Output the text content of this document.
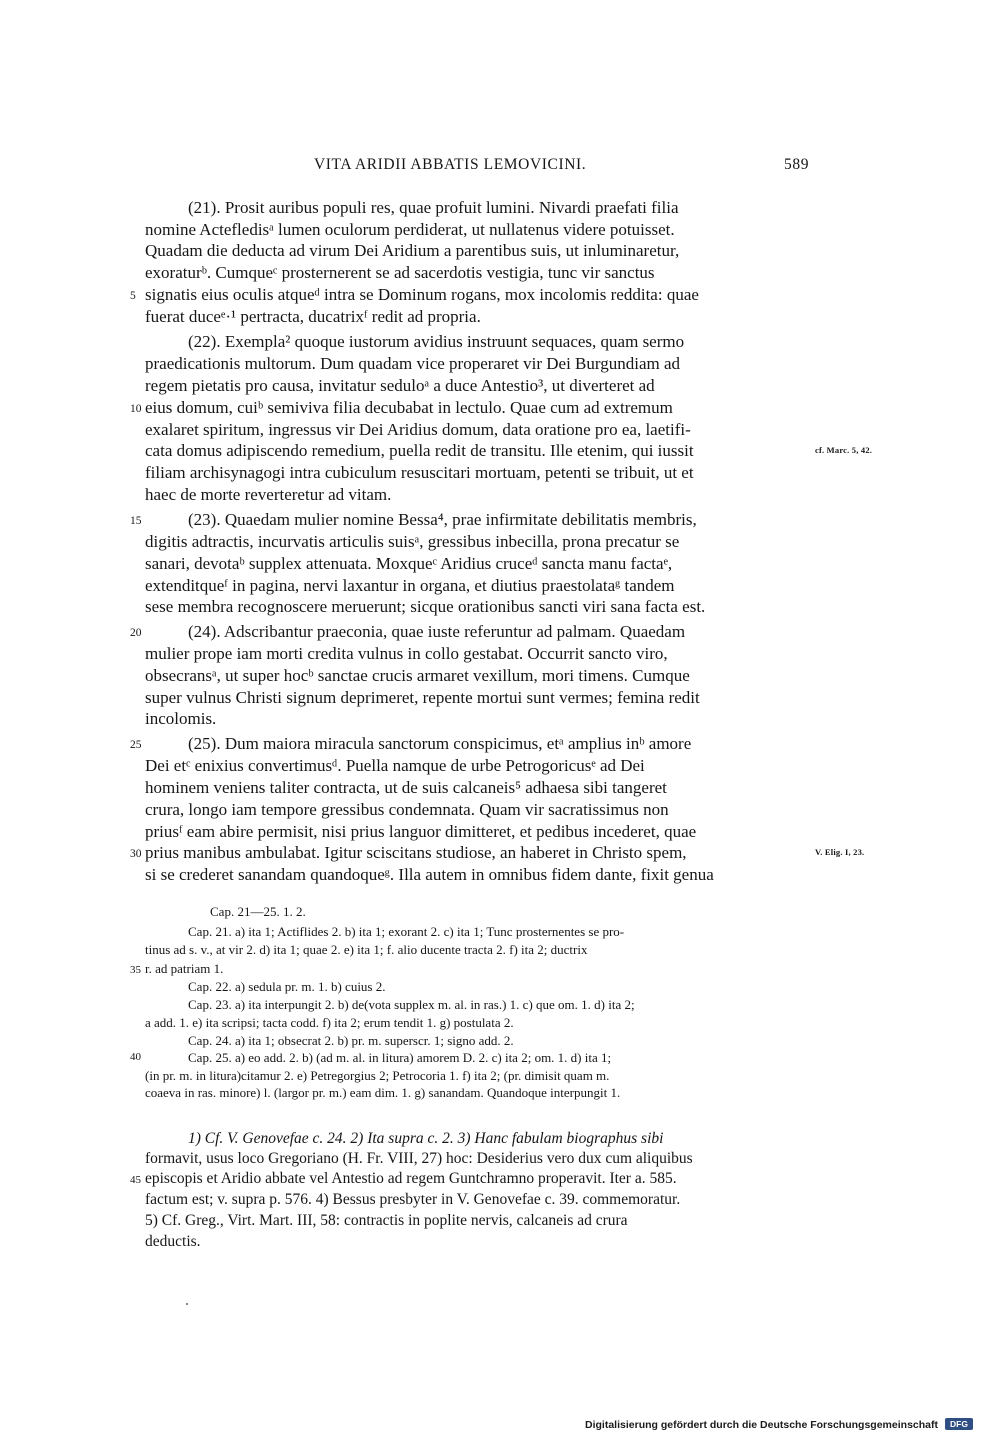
VITA ARIDII ABBATIS LEMOVICINI.	589
(21). Prosit auribus populi res, quae profuit lumini. Nivardi praefati filia
nomine Actefledisᵃ lumen oculorum perdiderat, ut nullatenus videre potuisset.
Quadam die deducta ad virum Dei Aridium a parentibus suis, ut inluminaretur,
exoraturᵇ. Cumqueᶜ prosternerent se ad sacerdotis vestigia, tunc vir sanctus
signatis eius oculis atqueᵈ intra se Dominum rogans, mox incolomis reddita: quae
fuerat duceᵉ·¹ pertracta, ducatrixᶠ redit ad propria.
(22). Exempla² quoque iustorum avidius instruunt sequaces, quam sermo
praedicationis multorum. Dum quadam vice properaret vir Dei Burgundiam ad
regem pietatis pro causa, invitatur seduloᵃ a duce Antestio³, ut diverteret ad
eius domum, cuiᵇ semiviva filia decubabat in lectulo. Quae cum ad extremum
exalaret spiritum, ingressus vir Dei Aridius domum, data oratione pro ea, laetifi-
cata domus adipiscendo remedium, puella redit de transitu. Ille etenim, qui iussit
filiam archisynagogi intra cubiculum resuscitari mortuam, petenti se tribuit, ut et
haec de morte reverteretur ad vitam.
(23). Quaedam mulier nomine Bessa⁴, prae infirmitate debilitatis membris,
digitis adtractis, incurvatis articulis suisᵃ, gressibus inbecilla, prona precatur se
sanari, devotaᵇ supplex attenuata. Moxqueᶜ Aridius cruceᵈ sancta manu factaᵉ,
extenditqueᶠ in pagina, nervi laxantur in organa, et diutius praestolataᵍ tandem
sese membra recognoscere meruerunt; sicque orationibus sancti viri sana facta est.
(24). Adscribantur praeconia, quae iuste referuntur ad palmam. Quaedam
mulier prope iam morti credita vulnus in collo gestabat. Occurrit sancto viro,
obsecransᵃ, ut super hocᵇ sanctae crucis armaret vexillum, mori timens. Cumque
super vulnus Christi signum deprimeret, repente mortui sunt vermes; femina redit
incolomis.
(25). Dum maiora miracula sanctorum conspicimus, etᵃ amplius inᵇ amore
Dei etᶜ enixius convertimusᵈ. Puella namque de urbe Petrogoricusᵉ ad Dei
hominem veniens taliter contracta, ut de suis calcaneis⁵ adhaesa sibi tangeret
crura, longo iam tempore gressibus condemnata. Quam vir sacratissimus non
priusᶠ eam abire permisit, nisi prius languor dimitteret, et pedibus incederet, quae
prius manibus ambulabat. Igitur sciscitans studiose, an haberet in Christo spem,
si se crederet sanandam quandoqueᵍ. Illa autem in omnibus fidem dante, fixit genua
cf. Marc. 5, 42.
V. Elig. I, 23.
5
10
15
20
25
30
35
40
45
Cap. 21—25. 1. 2.
Cap. 21. a) ita 1; Actiflides 2. b) ita 1; exorant 2. c) ita 1; Tunc prosternentes se pro-
tinus ad s. v., at vir 2. d) ita 1; quae 2. e) ita 1; f. alio ducente tracta 2. f) ita 2; ductrix
r. ad patriam 1.
Cap. 22. a) sedula pr. m. 1. b) cuius 2.
Cap. 23. a) ita interpungit 2. b) de(vota supplex m. al. in ras.) 1. c) que om. 1. d) ita 2;
a add. 1. e) ita scripsi; tacta codd. f) ita 2; erum tendit 1. g) postulata 2.
Cap. 24. a) ita 1; obsecrat 2. b) pr. m. superscr. 1; signo add. 2.
Cap. 25. a) eo add. 2. b) (ad m. al. in litura) amorem D. 2. c) ita 2; om. 1. d) ita 1;
(in pr. m. in litura)citamur 2. e) Petregorgius 2; Petrocoria 1. f) ita 2; (pr. dimisit quam m.
coaeva in ras. minore) l. (largor pr. m.) eam dim. 1. g) sanandam. Quandoque interpungit 1.
1) Cf. V. Genovefae c. 24. 2) Ita supra c. 2. 3) Hanc fabulam biographus sibi
formavit, usus loco Gregoriano (H. Fr. VIII, 27) hoc: Desiderius vero dux cum aliquibus
episcopis et Aridio abbate vel Antestio ad regem Guntchramno properavit. Iter a. 585.
factum est; v. supra p. 576. 4) Bessus presbyter in V. Genovefae c. 39. commemoratur.
5) Cf. Greg., Virt. Mart. III, 58: contractis in poplite nervis, calcaneis ad crura
deductis.
Digitalisierung gefördert durch die Deutsche Forschungsgemeinschaft	DFG
